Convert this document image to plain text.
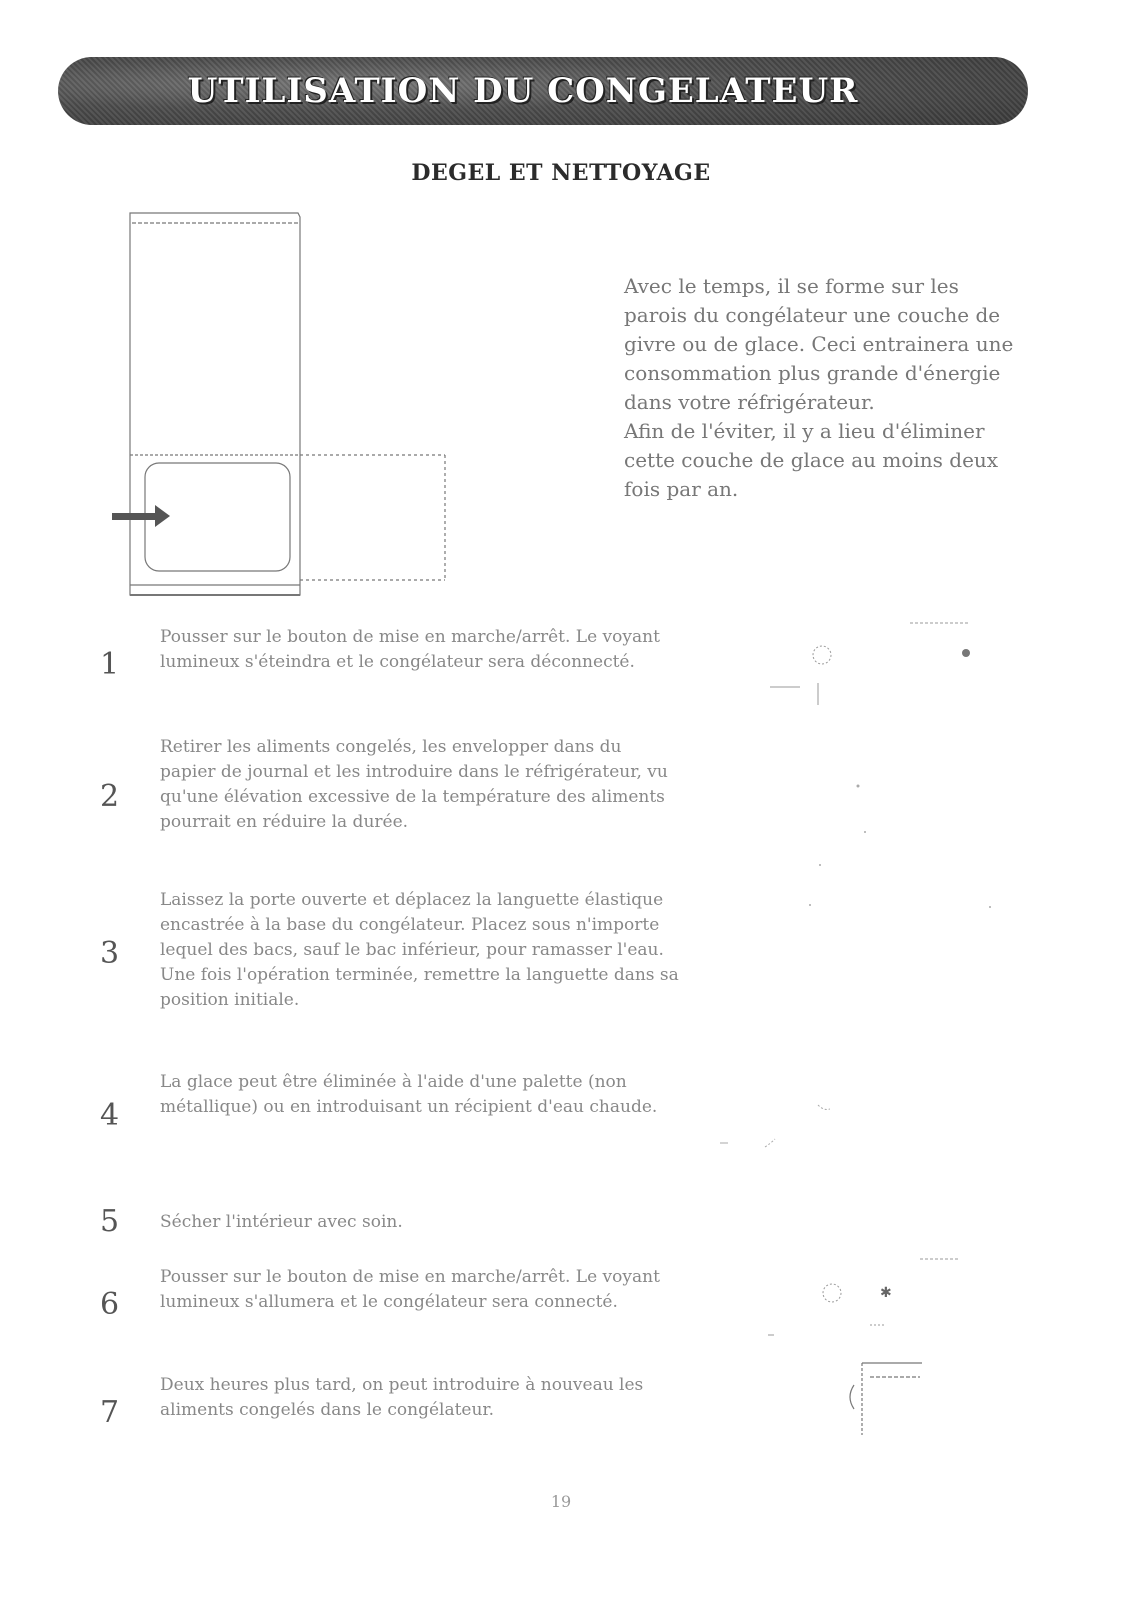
UTILISATION DU CONGELATEUR
DEGEL ET NETTOYAGE

Avec le temps, il se forme sur les parois du congélateur une couche de givre ou de glace. Ceci entrainera une consommation plus grande d'énergie dans votre réfrigérateur.

Afin de l'éviter, il y a lieu d'éliminer cette couche de glace au moins deux fois par an.

1
Pousser sur le bouton de mise en marche/arrêt. Le voyant lumineux s'éteindra et le congélateur sera déconnecté.
2
Retirer les aliments congelés, les envelopper dans du papier de journal et les introduire dans le réfrigérateur, vu qu'une élévation excessive de la température des aliments pourrait en réduire la durée.
3
Laissez la porte ouverte et déplacez la languette élastique encastrée à la base du congélateur. Placez sous n'importe lequel des bacs, sauf le bac inférieur, pour ramasser l'eau. Une fois l'opération terminée, remettre la languette dans sa position initiale.
4
La glace peut être éliminée à l'aide d'une palette (non métallique) ou en introduisant un récipient d'eau chaude.
5	Sécher l'intérieur avec soin.
6
Pousser sur le bouton de mise en marche/arrêt. Le voyant lumineux s'allumera et le congélateur sera connecté.
7
Deux heures plus tard, on peut introduire à nouveau les aliments congelés dans le congélateur.
✱
19
